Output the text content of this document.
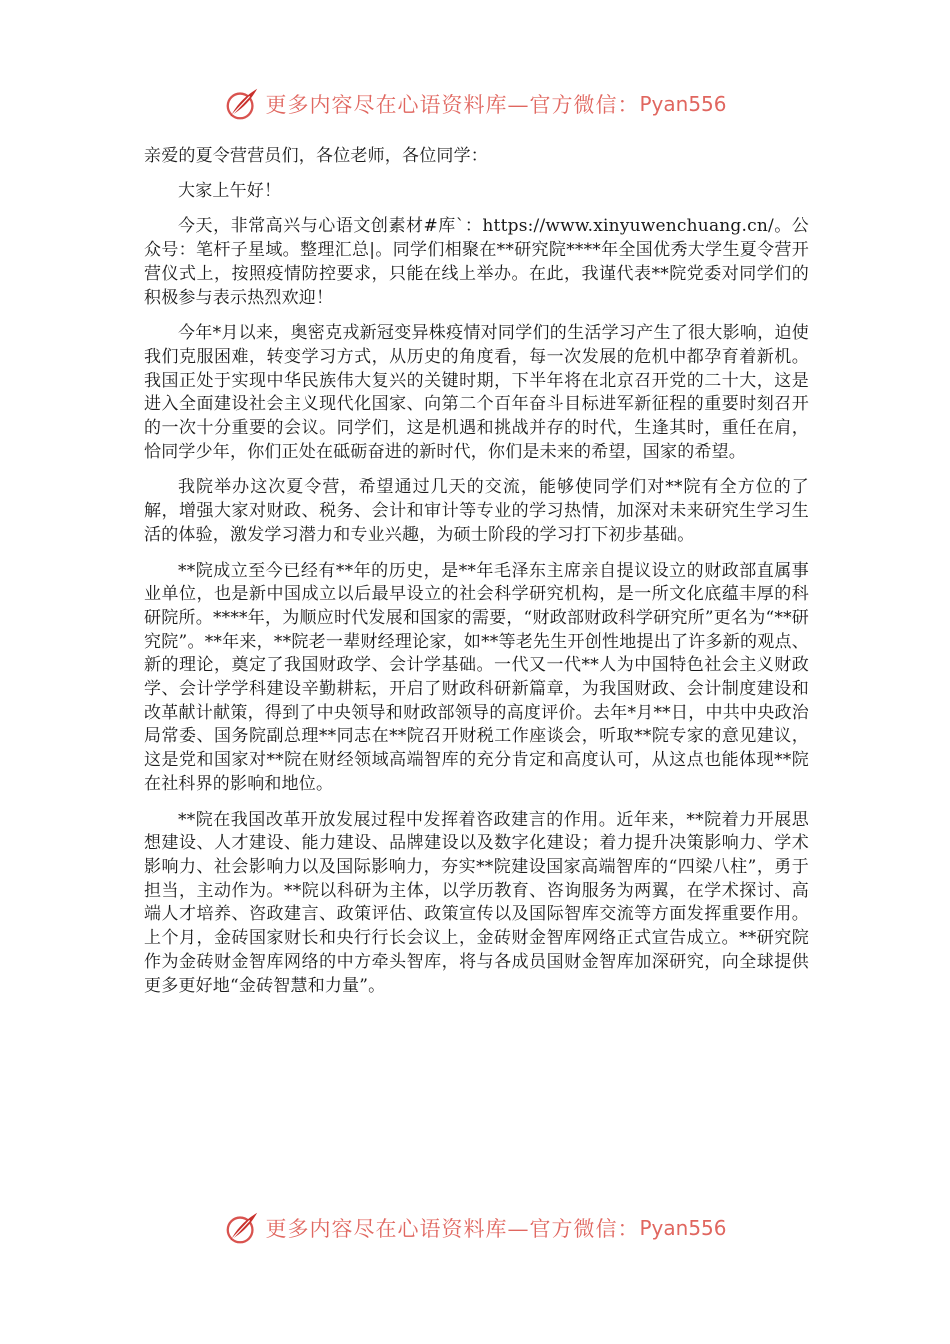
更多内容尽在心语资料库—官方微信： Pyan556

亲爱的夏令营营员们，各位老师，各位同学：

大家上午好！

今天，非常高兴与心语文创素材#库`：https://www.xinyuwenchuang.cn/。公众号：笔杆子星域。整理汇总|。同学们相聚在**研究院****年全国优秀大学生夏令营开营仪式上，按照疫情防控要求，只能在线上举办。在此，我谨代表**院党委对同学们的积极参与表示热烈欢迎！

今年*月以来，奥密克戎新冠变异株疫情对同学们的生活学习产生了很大影响，迫使我们克服困难，转变学习方式，从历史的角度看，每一次发展的危机中都孕育着新机。我国正处于实现中华民族伟大复兴的关键时期，下半年将在北京召开党的二十大，这是进入全面建设社会主义现代化国家、向第二个百年奋斗目标进军新征程的重要时刻召开的一次十分重要的会议。同学们，这是机遇和挑战并存的时代，生逢其时，重任在肩，恰同学少年，你们正处在砥砺奋进的新时代，你们是未来的希望，国家的希望。

我院举办这次夏令营，希望通过几天的交流，能够使同学们对**院有全方位的了解，增强大家对财政、税务、会计和审计等专业的学习热情，加深对未来研究生学习生活的体验，激发学习潜力和专业兴趣，为硕士阶段的学习打下初步基础。

**院成立至今已经有**年的历史，是**年毛泽东主席亲自提议设立的财政部直属事业单位，也是新中国成立以后最早设立的社会科学研究机构，是一所文化底蕴丰厚的科研院所。****年，为顺应时代发展和国家的需要，“财政部财政科学研究所”更名为“**研究院”。**年来，**院老一辈财经理论家，如**等老先生开创性地提出了许多新的观点、新的理论，奠定了我国财政学、会计学基础。一代又一代**人为中国特色社会主义财政学、会计学学科建设辛勤耕耘，开启了财政科研新篇章，为我国财政、会计制度建设和改革献计献策，得到了中央领导和财政部领导的高度评价。去年*月**日，中共中央政治局常委、国务院副总理**同志在**院召开财税工作座谈会，听取**院专家的意见建议，这是党和国家对**院在财经领域高端智库的充分肯定和高度认可，从这点也能体现**院在社科界的影响和地位。

**院在我国改革开放发展过程中发挥着咨政建言的作用。近年来，**院着力开展思想建设、人才建设、能力建设、品牌建设以及数字化建设；着力提升决策影响力、学术影响力、社会影响力以及国际影响力，夯实**院建设国家高端智库的“四梁八柱”，勇于担当，主动作为。**院以科研为主体，以学历教育、咨询服务为两翼，在学术探讨、高端人才培养、咨政建言、政策评估、政策宣传以及国际智库交流等方面发挥重要作用。上个月，金砖国家财长和央行行长会议上，金砖财金智库网络正式宣告成立。**研究院作为金砖财金智库网络的中方牵头智库，将与各成员国财金智库加深研究，向全球提供更多更好地“金砖智慧和力量”。

更多内容尽在心语资料库—官方微信： Pyan556
